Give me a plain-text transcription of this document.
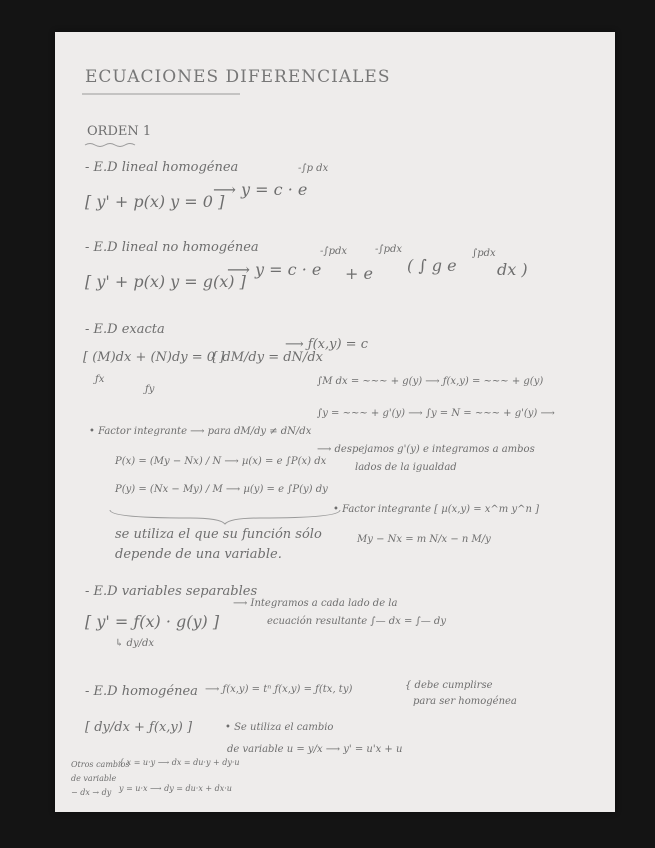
ECUACIONES DIFERENCIALES
ORDEN 1
- E.D lineal homogénea
[ y' + p(x) y = 0 ]
⟶ y = c · e
-∫p dx
- E.D lineal no homogénea
[ y' + p(x) y = g(x) ]
⟶ y = c · e
-∫pdx
+ e
-∫pdx
( ∫ g e
∫pdx
dx )
- E.D exacta
[ (M)dx + (N)dy = 0 ]
ƒx
ƒy
{ dM/dy = dN/dx
⟶ ƒ(x,y) = c
∫M dx = ~~~ + g(y) ⟶ ƒ(x,y) = ~~~ + g(y)
∫y = ~~~ + g'(y) ⟶ ∫y = N = ~~~ + g'(y) ⟶
• Factor integrante ⟶ para dM/dy ≠ dN/dx
⟶ despejamos g'(y) e integramos a ambos
lados de la igualdad
P(x) = (My − Nx) / N ⟶ µ(x) = e ∫P(x) dx
P(y) = (Nx − My) / M ⟶ µ(y) = e ∫P(y) dy
• Factor integrante [ µ(x,y) = x^m y^n ]
My − Nx = m N/x − n M/y
se utiliza el que su función sólo
depende de una variable.
- E.D variables separables
[ y' = ƒ(x) · g(y) ]
↳ dy/dx
⟶ Integramos a cada lado de la
ecuación resultante ∫— dx = ∫— dy
- E.D homogénea ⟶ ƒ(x,y) = tⁿ ƒ(x,y) = ƒ(tx, ty)	{ debe cumplirse
para ser homogénea
[ dy/dx + ƒ(x,y) ]	• Se utiliza el cambio
de variable u = y/x ⟶ y' = u'x + u
Otros cambios
de variable
− dx → dy
{ x = u·y ⟶ dx = du·y + dy·u
y = u·x ⟶ dy = du·x + dx·u
